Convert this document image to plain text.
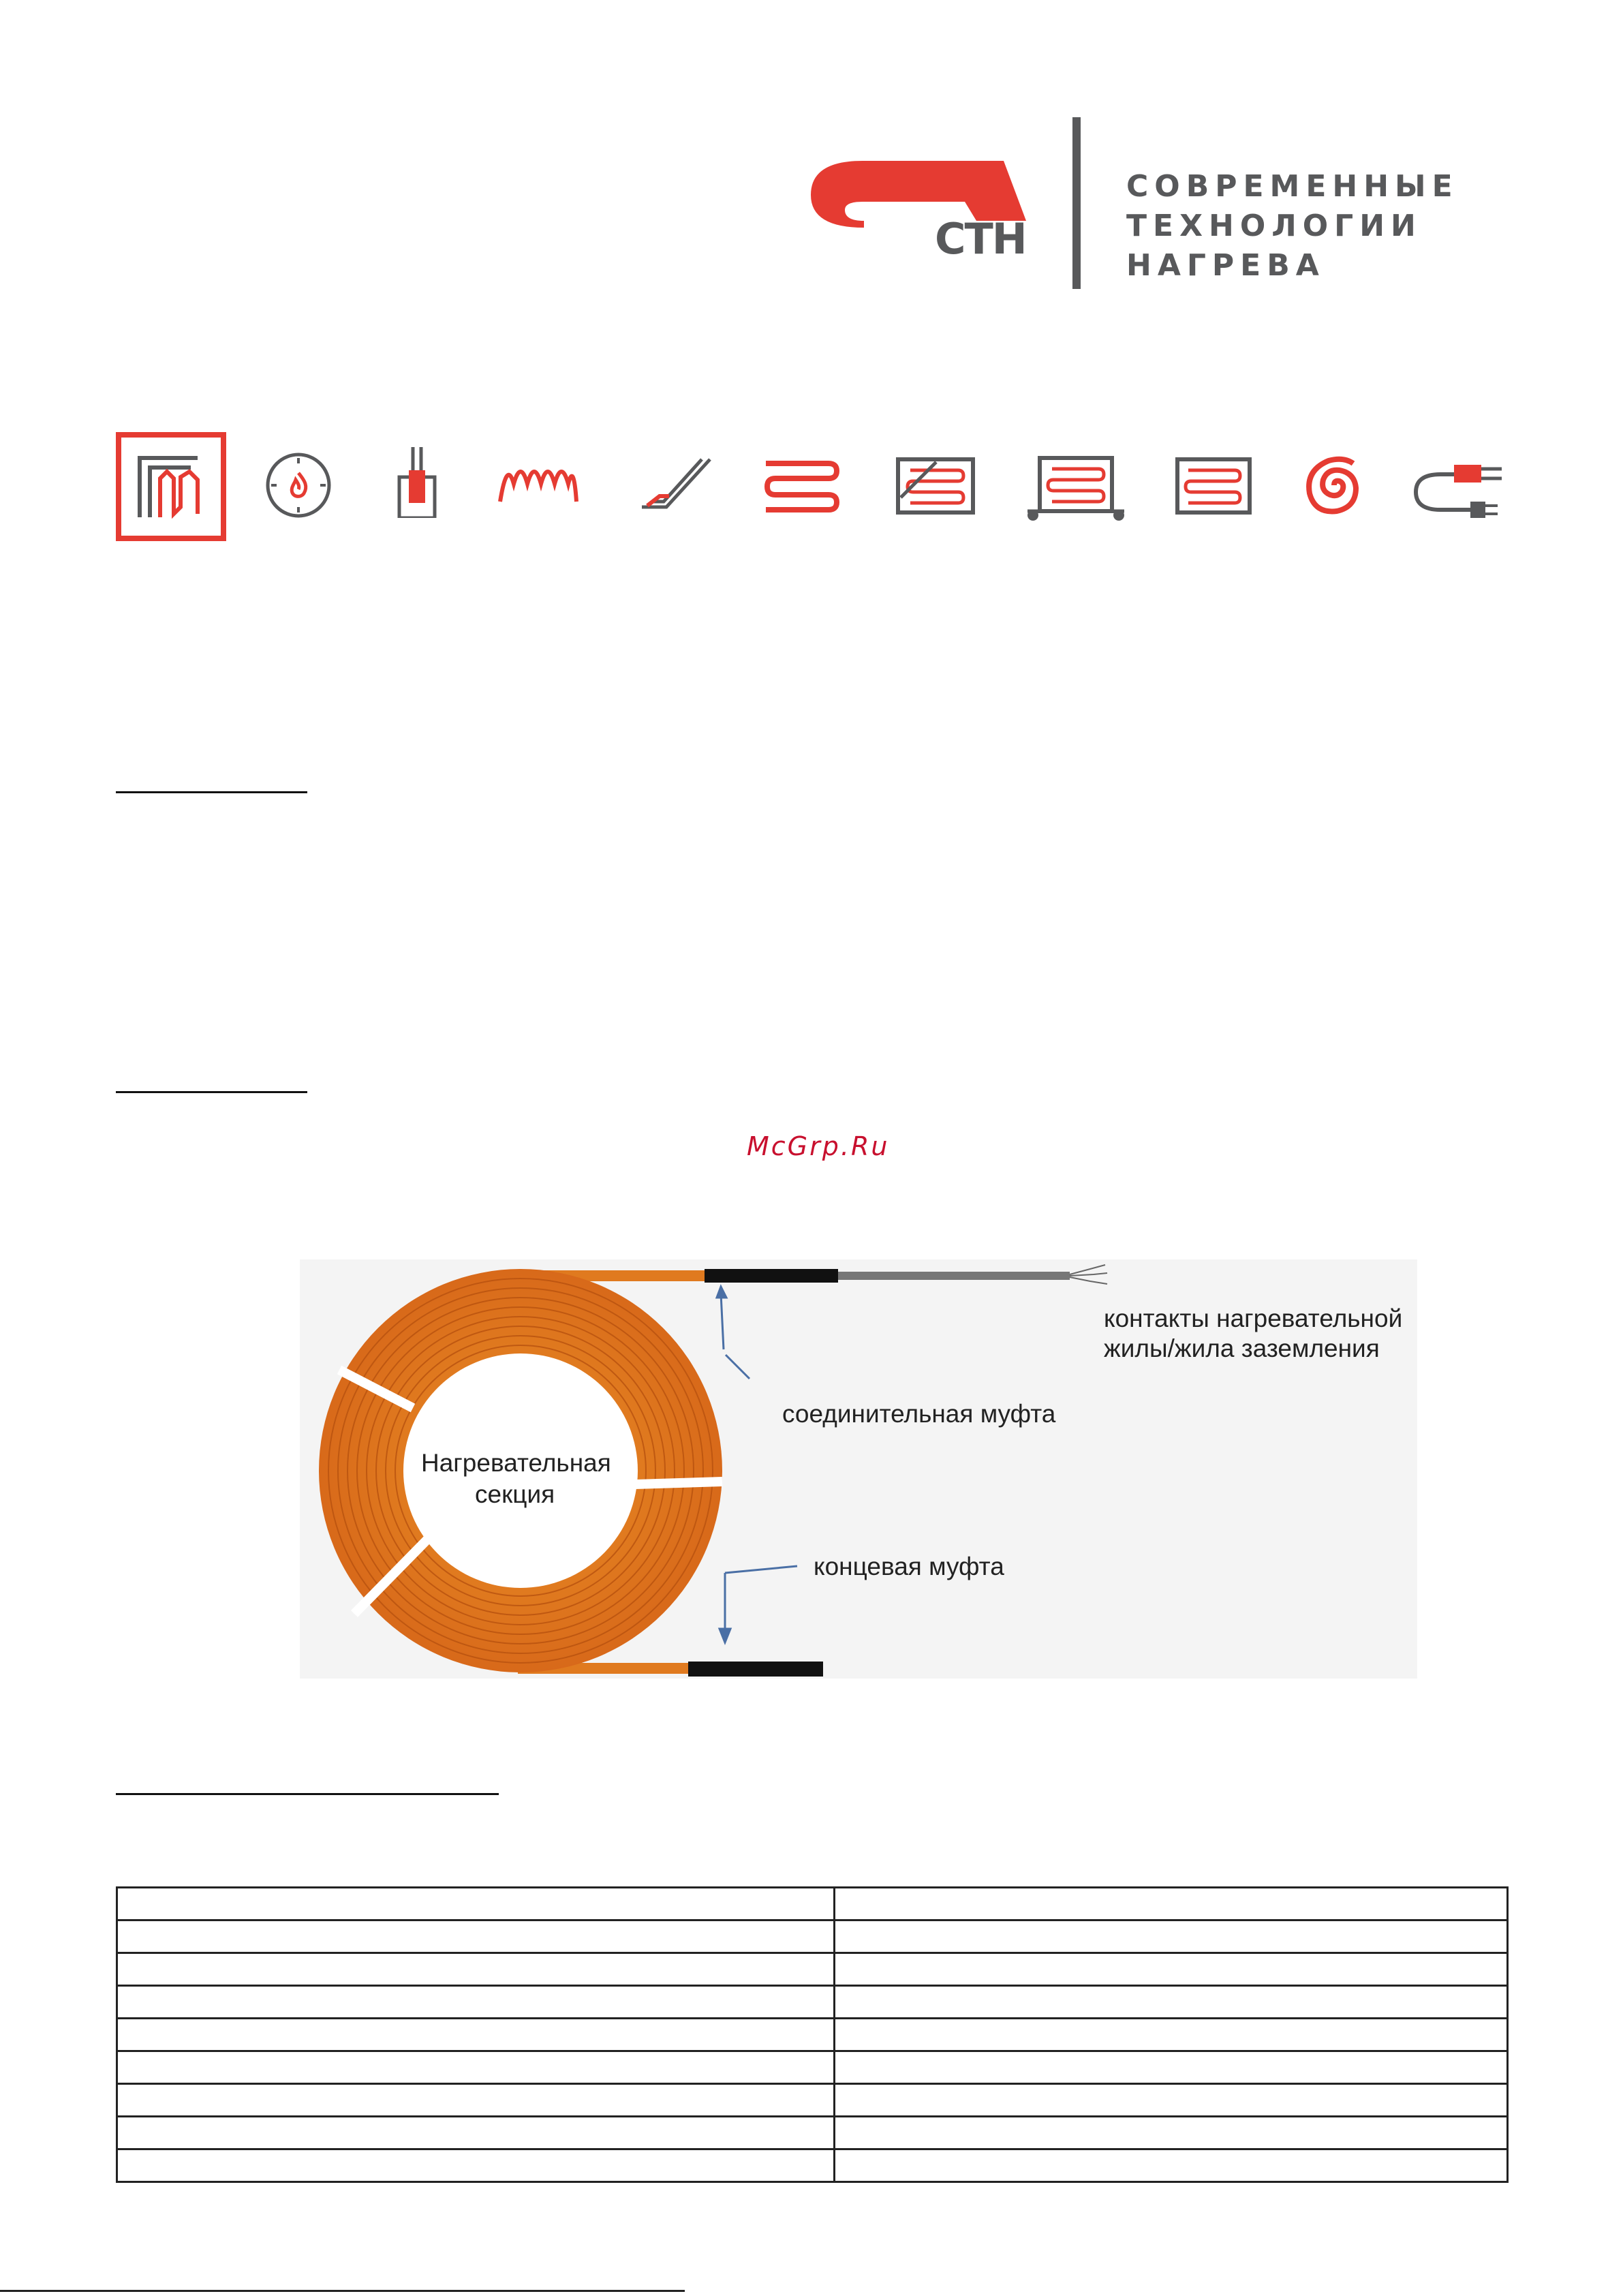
СТН
СОВРЕМЕННЫЕ
ТЕХНОЛОГИИ
НАГРЕВА
McGrp.Ru
Нагревательная
секция
контакты нагревательной
жилы/жила заземления
соединительная муфта
концевая муфта
